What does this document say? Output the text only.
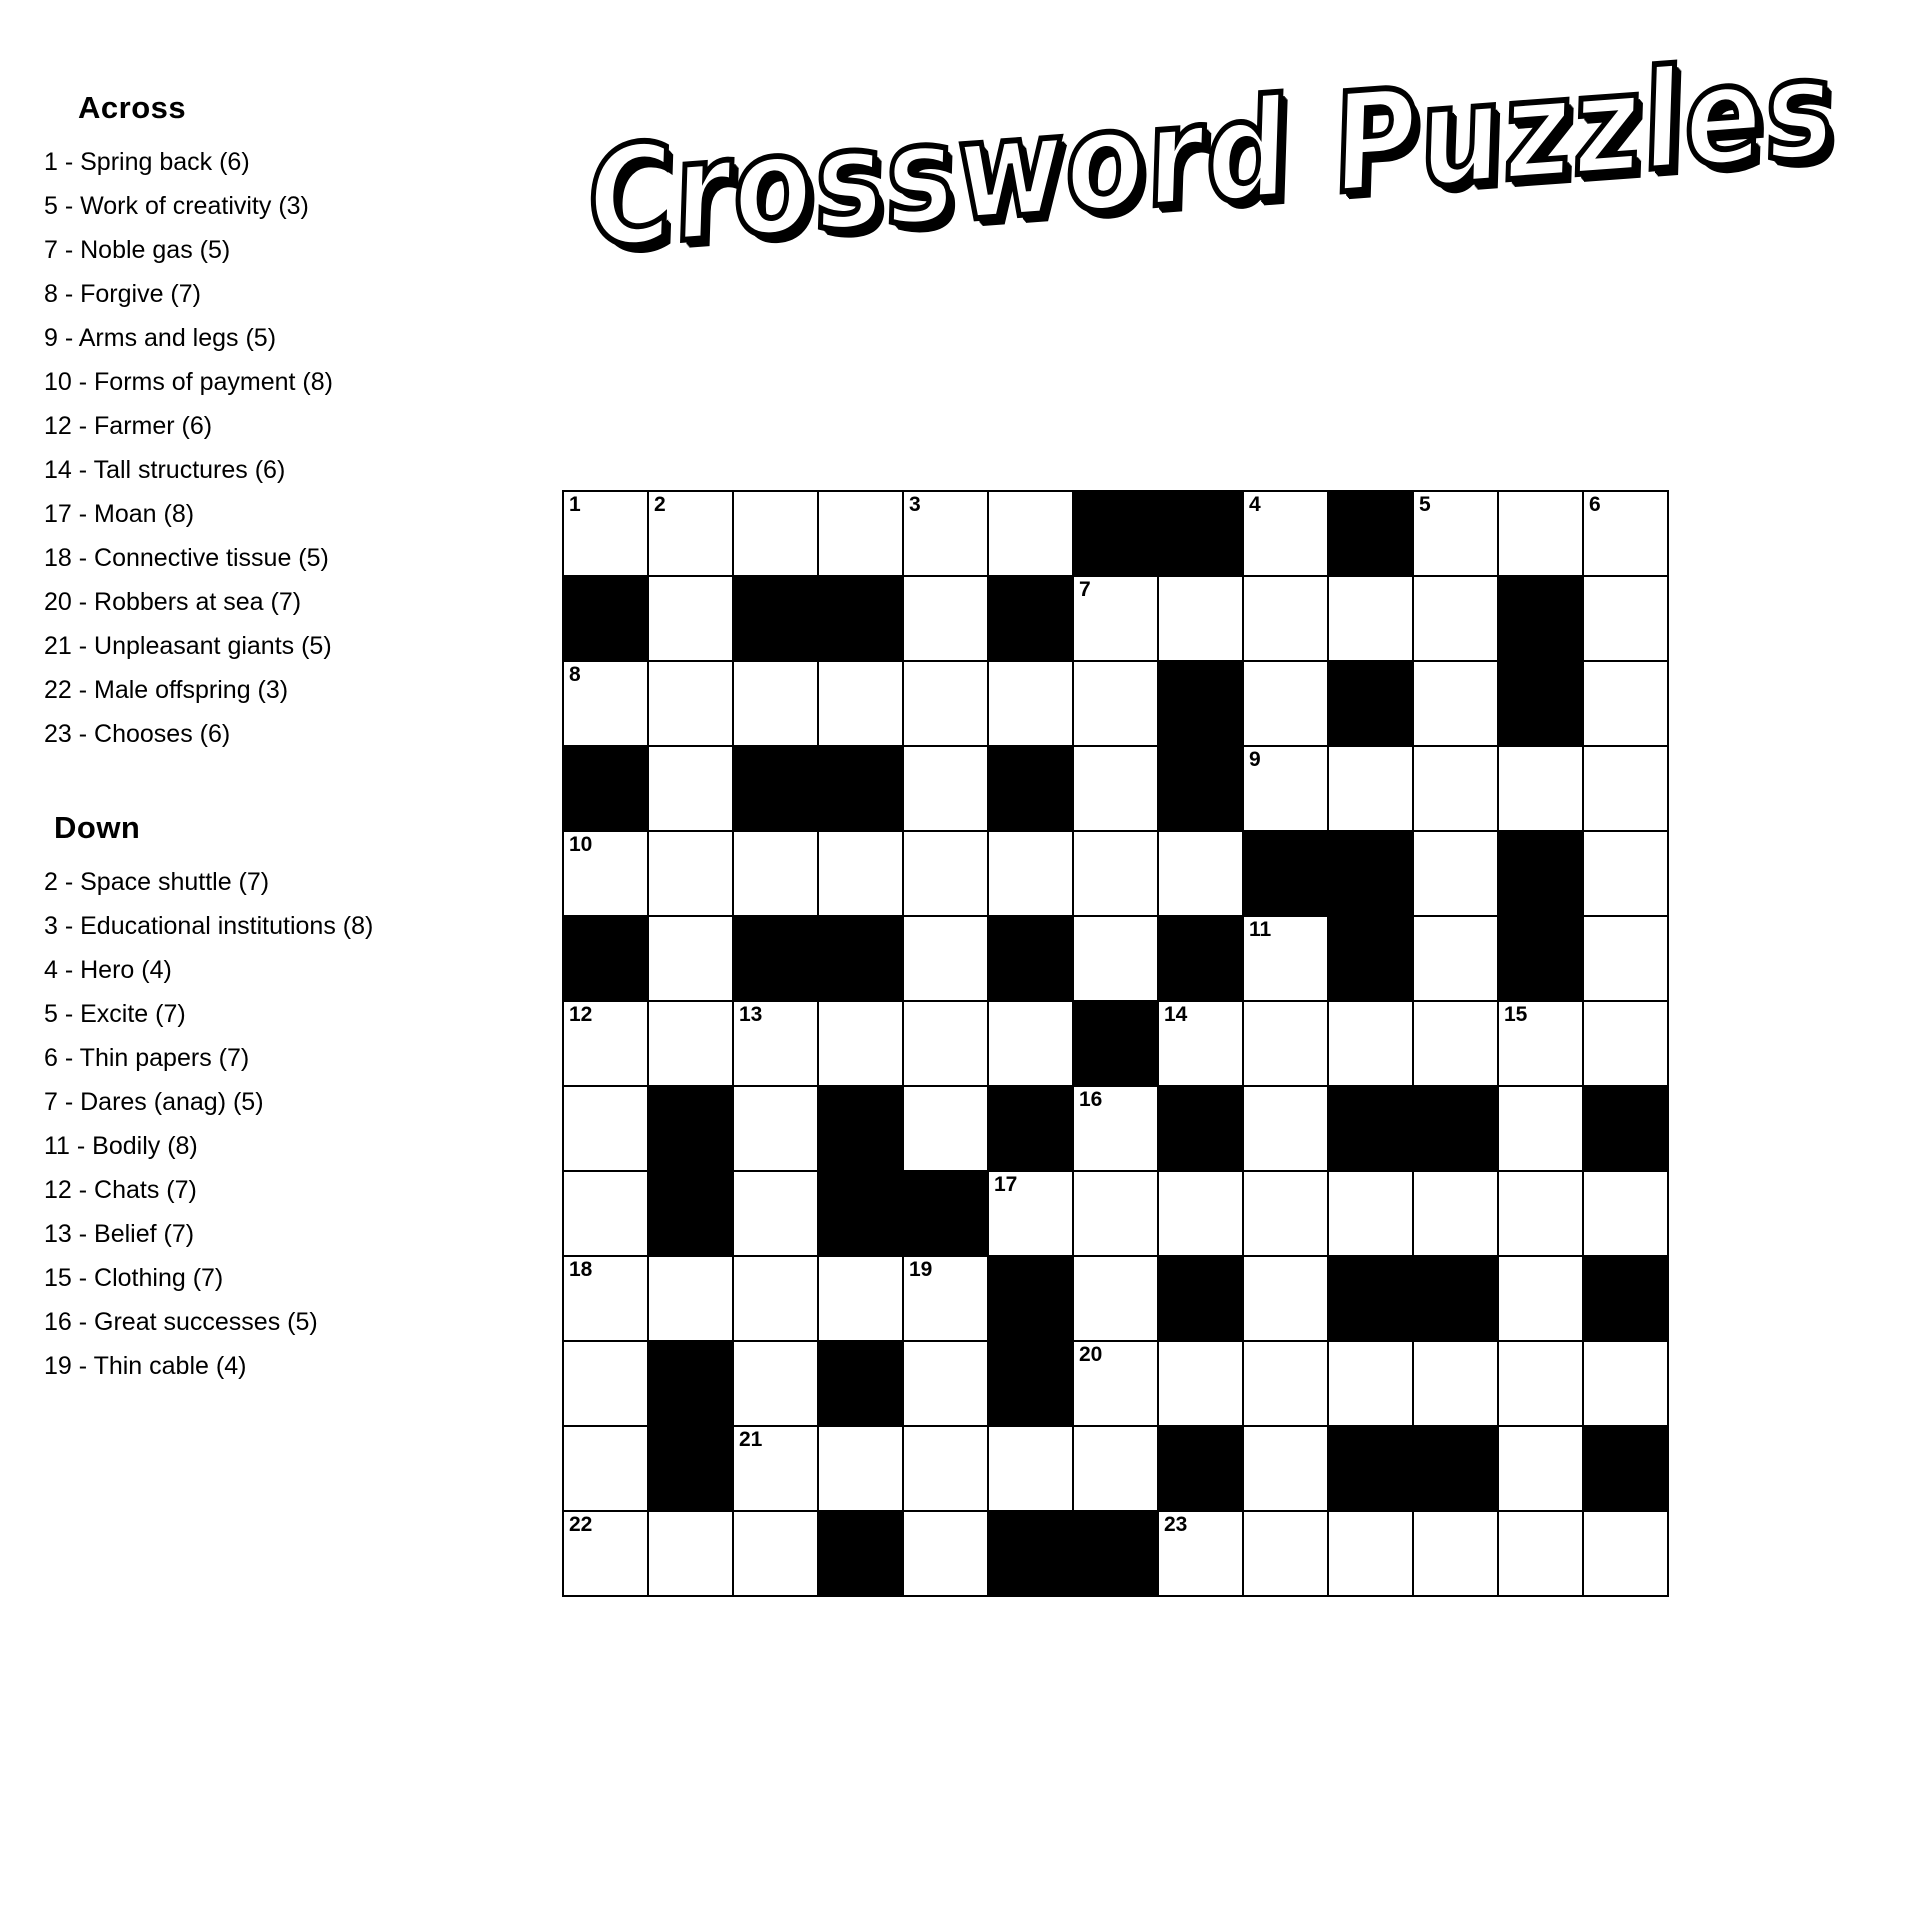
Across
1 - Spring back (6)
5 - Work of creativity (3)
7 - Noble gas (5)
8 - Forgive (7)
9 - Arms and legs (5)
10 - Forms of payment (8)
12 - Farmer (6)
14 - Tall structures (6)
17 - Moan (8)
18 - Connective tissue (5)
20 - Robbers at sea (7)
21 - Unpleasant giants (5)
22 - Male offspring (3)
23 - Chooses (6)
Down
2 - Space shuttle (7)
3 - Educational institutions (8)
4 - Hero (4)
5 - Excite (7)
6 - Thin papers (7)
7 - Dares (anag) (5)
11 - Bodily (8)
12 - Chats (7)
13 - Belief (7)
15 - Clothing (7)
16 - Great successes (5)
19 - Thin cable (4)
Crossword Puzzles
1	2			3				4		5		6

						7						

8												

								9				

10												

								11				

12		13					14				15	

						16						

					17							

18				19								

						20						

		21										

22							23					
